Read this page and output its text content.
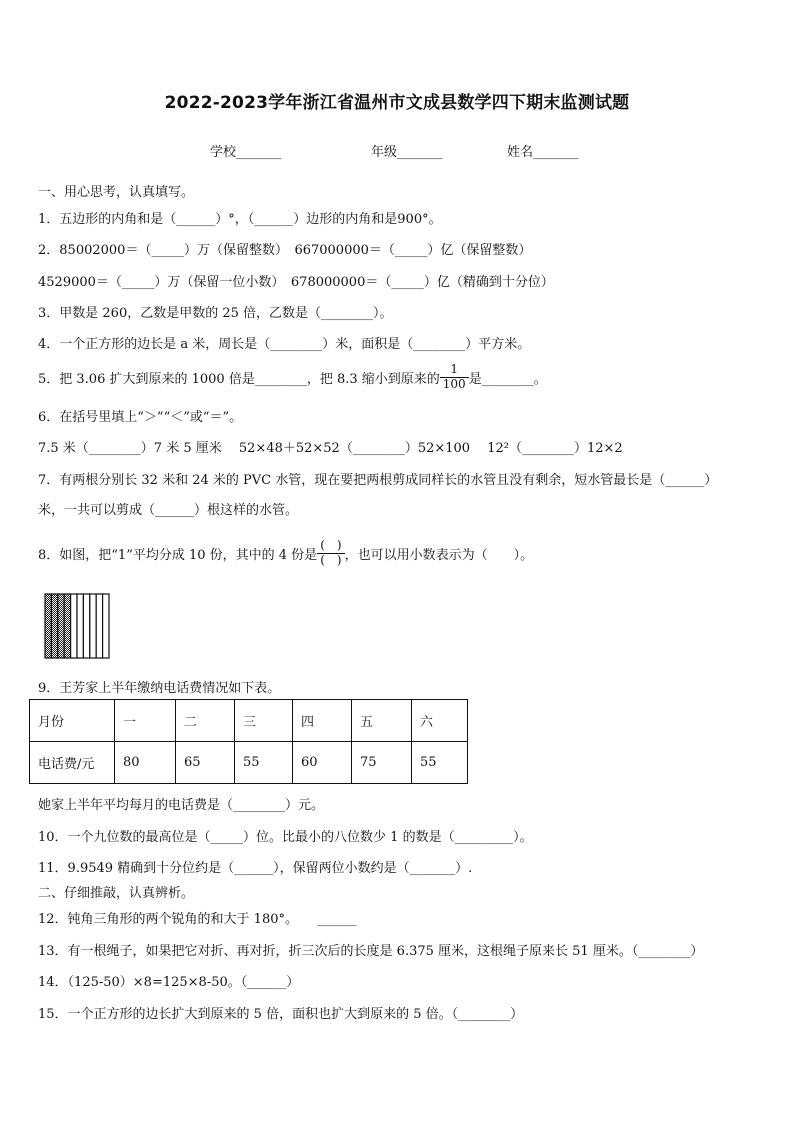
2022-2023学年浙江省温州市文成县数学四下期末监测试题
学校_______	年级_______	姓名_______
一、用心思考，认真填写。
1．五边形的内角和是（______）°，（______）边形的内角和是900°。
2．85002000＝（_____）万（保留整数）　667000000＝（_____）亿（保留整数）
4529000＝（_____）万（保留一位小数）　678000000＝（_____）亿（精确到十分位）
3．甲数是 260，乙数是甲数的 25 倍，乙数是（________）。
4．一个正方形的边长是 a 米，周长是（________）米，面积是（________）平方米。
5．把 3.06 扩大到原来的 1000 倍是________，把 8.3 缩小到原来的 $\frac{1}{100}$ 是________。
6．在括号里填上“＞”“＜”或“＝”。
7.5 米（________）7 米 5 厘米　 52×48＋52×52（________）52×100　 12²（________）12×2
7．有两根分别长 32 米和 24 米的 PVC 水管，现在要把两根剪成同样长的水管且没有剩余，短水管最长是（______）
米，一共可以剪成（______）根这样的水管。
8．如图，把“1”平均分成 10 份，其中的 4 份是 $\frac{( )}{( )}$ ，也可以用小数表示为（　　）。
9．王芳家上半年缴纳电话费情况如下表。
月份	一	二	三	四	五	六
电话费/元	80	65	55	60	75	55
她家上半年平均每月的电话费是（________）元。
10．一个九位数的最高位是（_____）位。比最小的八位数少 1 的数是（_________）。
11．9.9549 精确到十分位约是（______），保留两位小数约是（_______）.
二、仔细推敲，认真辨析。
12．钝角三角形的两个锐角的和大于 180°。　　______
13．有一根绳子，如果把它对折、再对折，折三次后的长度是 6.375 厘米，这根绳子原来长 51 厘米。（________）
14．（125-50）×8=125×8-50。（______）
15．一个正方形的边长扩大到原来的 5 倍，面积也扩大到原来的 5 倍。（________）
